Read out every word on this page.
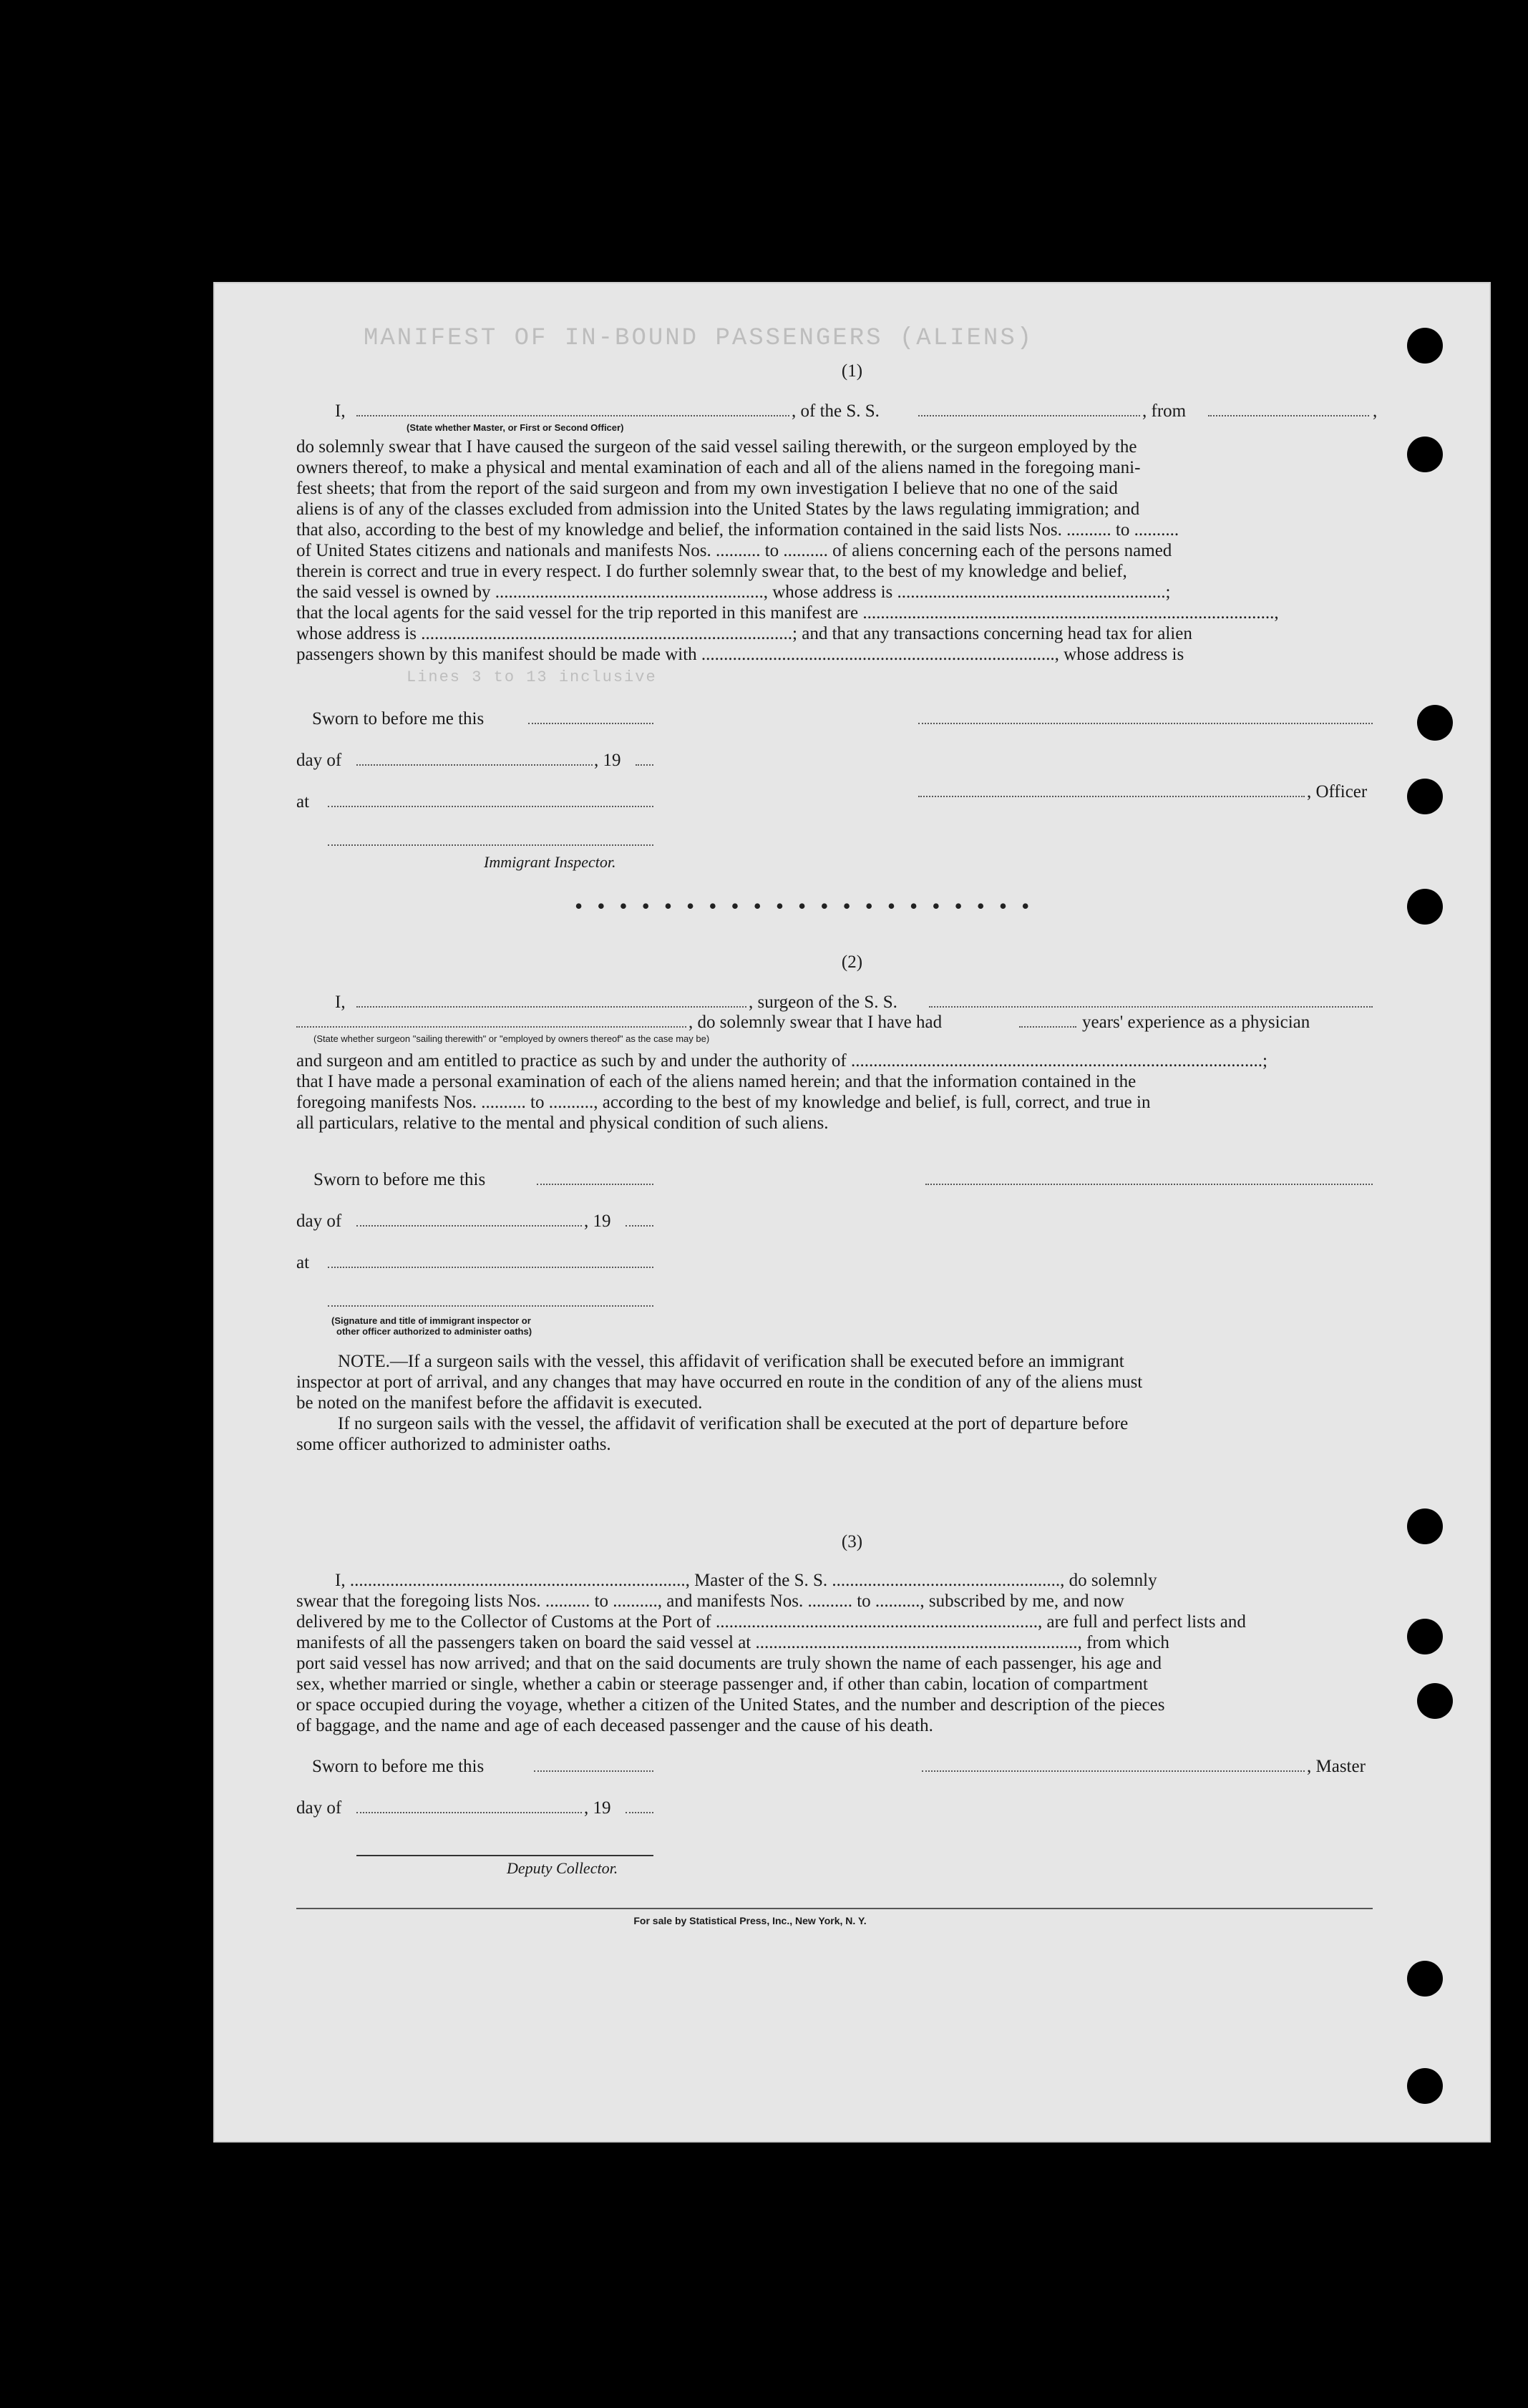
MANIFEST OF IN-BOUND PASSENGERS (ALIENS)
Lines 3 to 13 inclusive
(1)
I,	, of the S. S.	, from	,
(State whether Master, or First or Second Officer)
do solemnly swear that I have caused the surgeon of the said vessel sailing therewith, or the surgeon employed by the
owners thereof, to make a physical and mental examination of each and all of the aliens named in the foregoing mani-
fest sheets; that from the report of the said surgeon and from my own investigation I believe that no one of the said
aliens is of any of the classes excluded from admission into the United States by the laws regulating immigration; and
that also, according to the best of my knowledge and belief, the information contained in the said lists Nos. .......... to ..........
of United States citizens and nationals and manifests Nos. .......... to .......... of aliens concerning each of the persons named
therein is correct and true in every respect. I do further solemnly swear that, to the best of my knowledge and belief,
the said vessel is owned by ............................................................, whose address is ............................................................;
that the local agents for the said vessel for the trip reported in this manifest are ............................................................................................,
whose address is ...................................................................................; and that any transactions concerning head tax for alien
passengers shown by this manifest should be made with ..............................................................................., whose address is
Sworn to before me this
day of	, 19
at
, Officer
Immigrant Inspector.
• • • • • • • • • • • • • • • • • • • • •
(2)
I,	, surgeon of the S. S.
, do solemnly swear that I have had	years' experience as a physician
(State whether surgeon "sailing therewith" or "employed by owners thereof" as the case may be)
and surgeon and am entitled to practice as such by and under the authority of ............................................................................................;
that I have made a personal examination of each of the aliens named herein; and that the information contained in the
foregoing manifests Nos. .......... to .........., according to the best of my knowledge and belief, is full, correct, and true in
all particulars, relative to the mental and physical condition of such aliens.
Sworn to before me this
day of	, 19
at
(Signature and title of immigrant inspector or
other officer authorized to administer oaths)
NOTE.—If a surgeon sails with the vessel, this affidavit of verification shall be executed before an immigrant
inspector at port of arrival, and any changes that may have occurred en route in the condition of any of the aliens must
be noted on the manifest before the affidavit is executed.
If no surgeon sails with the vessel, the affidavit of verification shall be executed at the port of departure before
some officer authorized to administer oaths.
(3)
I, ..........................................................................., Master of the S. S. ..................................................., do solemnly
swear that the foregoing lists Nos. .......... to .........., and manifests Nos. .......... to .........., subscribed by me, and now
delivered by me to the Collector of Customs at the Port of ........................................................................, are full and perfect lists and
manifests of all the passengers taken on board the said vessel at ........................................................................, from which
port said vessel has now arrived; and that on the said documents are truly shown the name of each passenger, his age and
sex, whether married or single, whether a cabin or steerage passenger and, if other than cabin, location of compartment
or space occupied during the voyage, whether a citizen of the United States, and the number and description of the pieces
of baggage, and the name and age of each deceased passenger and the cause of his death.
Sworn to before me this	, Master
day of	, 19
Deputy Collector.
For sale by Statistical Press, Inc., New York, N. Y.
